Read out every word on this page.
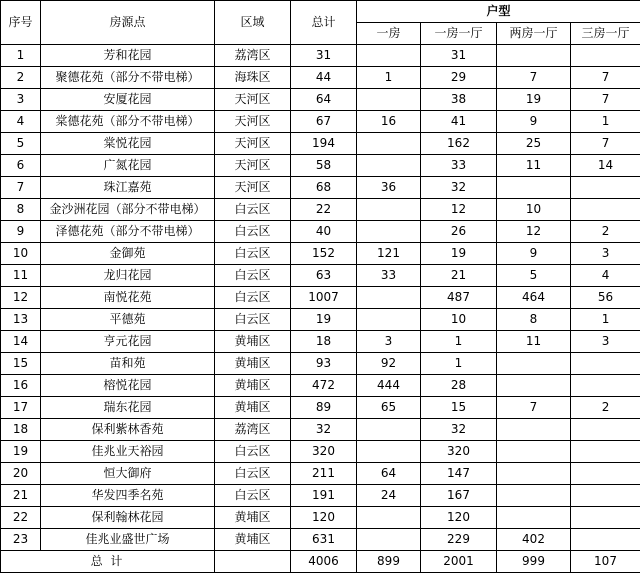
序号	房源点	区域	总计	户型			
				一房	一房一厅	两房一厅	三房一厅
1	芳和花园	荔湾区	31		31		
2	聚德花苑（部分不带电梯）	海珠区	44	1	29	7	7
3	安厦花园	天河区	64		38	19	7
4	棠德花苑（部分不带电梯）	天河区	67	16	41	9	1
5	棠悦花园	天河区	194		162	25	7
6	广氮花园	天河区	58		33	11	14
7	珠江嘉苑	天河区	68	36	32		
8	金沙洲花园（部分不带电梯）	白云区	22		12	10	
9	泽德花苑（部分不带电梯）	白云区	40		26	12	2
10	金御苑	白云区	152	121	19	9	3
11	龙归花园	白云区	63	33	21	5	4
12	南悦花苑	白云区	1007		487	464	56
13	平德苑	白云区	19		10	8	1
14	亨元花园	黄埔区	18	3	1	11	3
15	苗和苑	黄埔区	93	92	1		
16	榕悦花园	黄埔区	472	444	28		
17	瑞东花园	黄埔区	89	65	15	7	2
18	保利紫林香苑	荔湾区	32		32		
19	佳兆业天裕园	白云区	320		320		
20	恒大御府	白云区	211	64	147		
21	华发四季名苑	白云区	191	24	167		
22	保利翰林花园	黄埔区	120		120		
23	佳兆业盛世广场	黄埔区	631		229	402	
总 计			4006	899	2001	999	107
